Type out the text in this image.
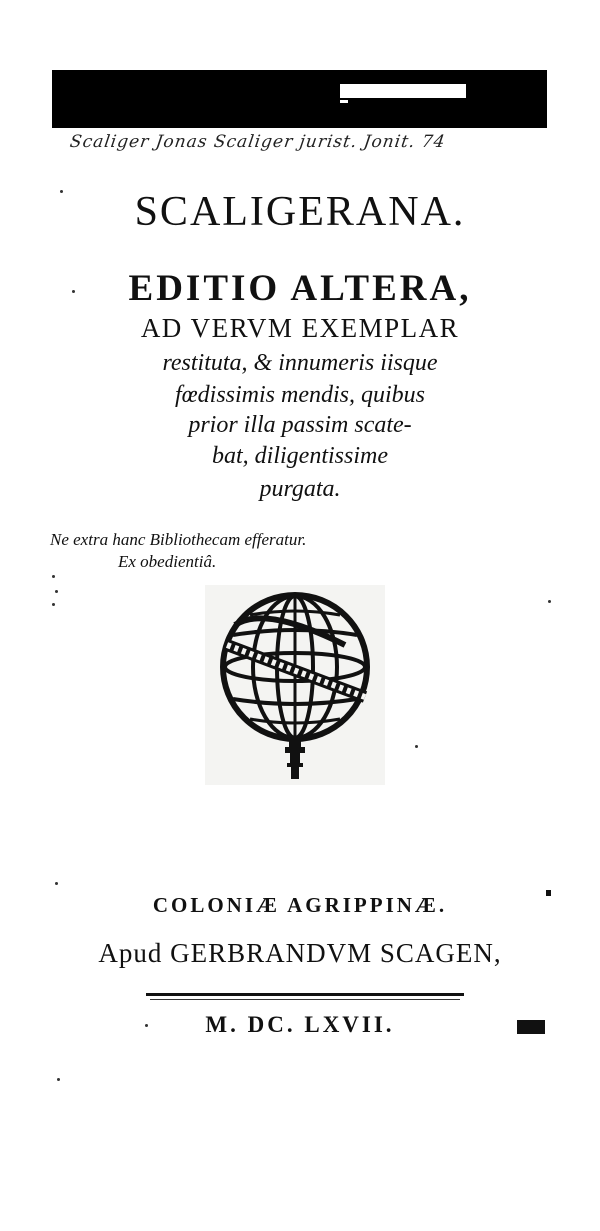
Scaliger Jonas Scaliger jurist. Jonit. 74
SCALIGERANA.
EDITIO ALTERA,
AD VERVM EXEMPLAR
restituta, & innumeris iisque
fœdissimis mendis, quibus
prior illa passim scate-
bat, diligentissime
purgata.
Ne extra hanc Bibliothecam efferatur.
Ex obedientiâ.
COLONIÆ AGRIPPINÆ.
Apud GERBRANDVM SCAGEN,
M. DC. LXVII.
